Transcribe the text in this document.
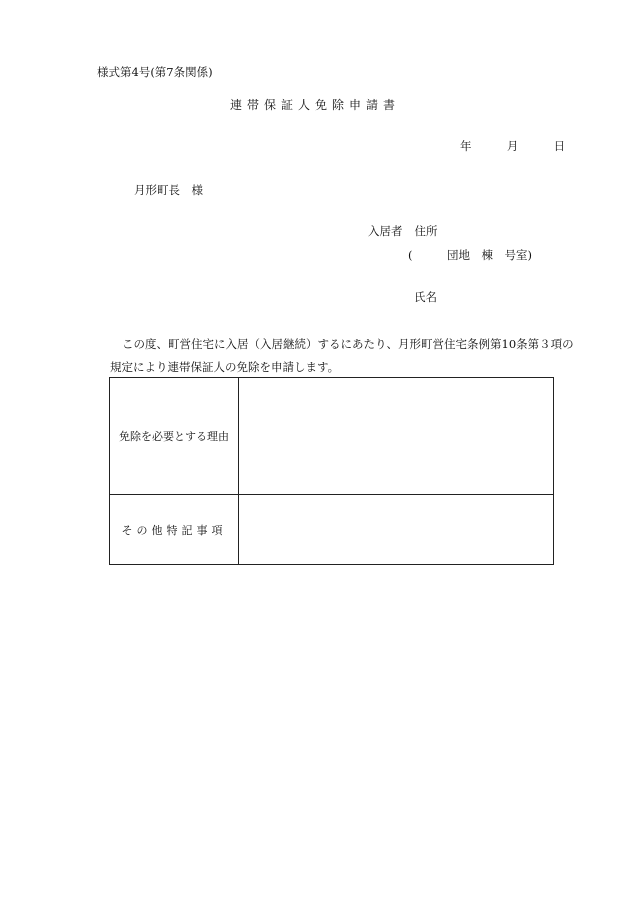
様式第4号(第7条関係)
連帯保証人免除申請書
年	月	日
月形町長　様
入居者 住所
(　　　団地　棟　号室)
氏名
この度、町営住宅に入居（入居継続）するにあたり、月形町営住宅条例第10条第３項の規定により連帯保証人の免除を申請します。
免除を必要とする理由	
その他特記事項	
